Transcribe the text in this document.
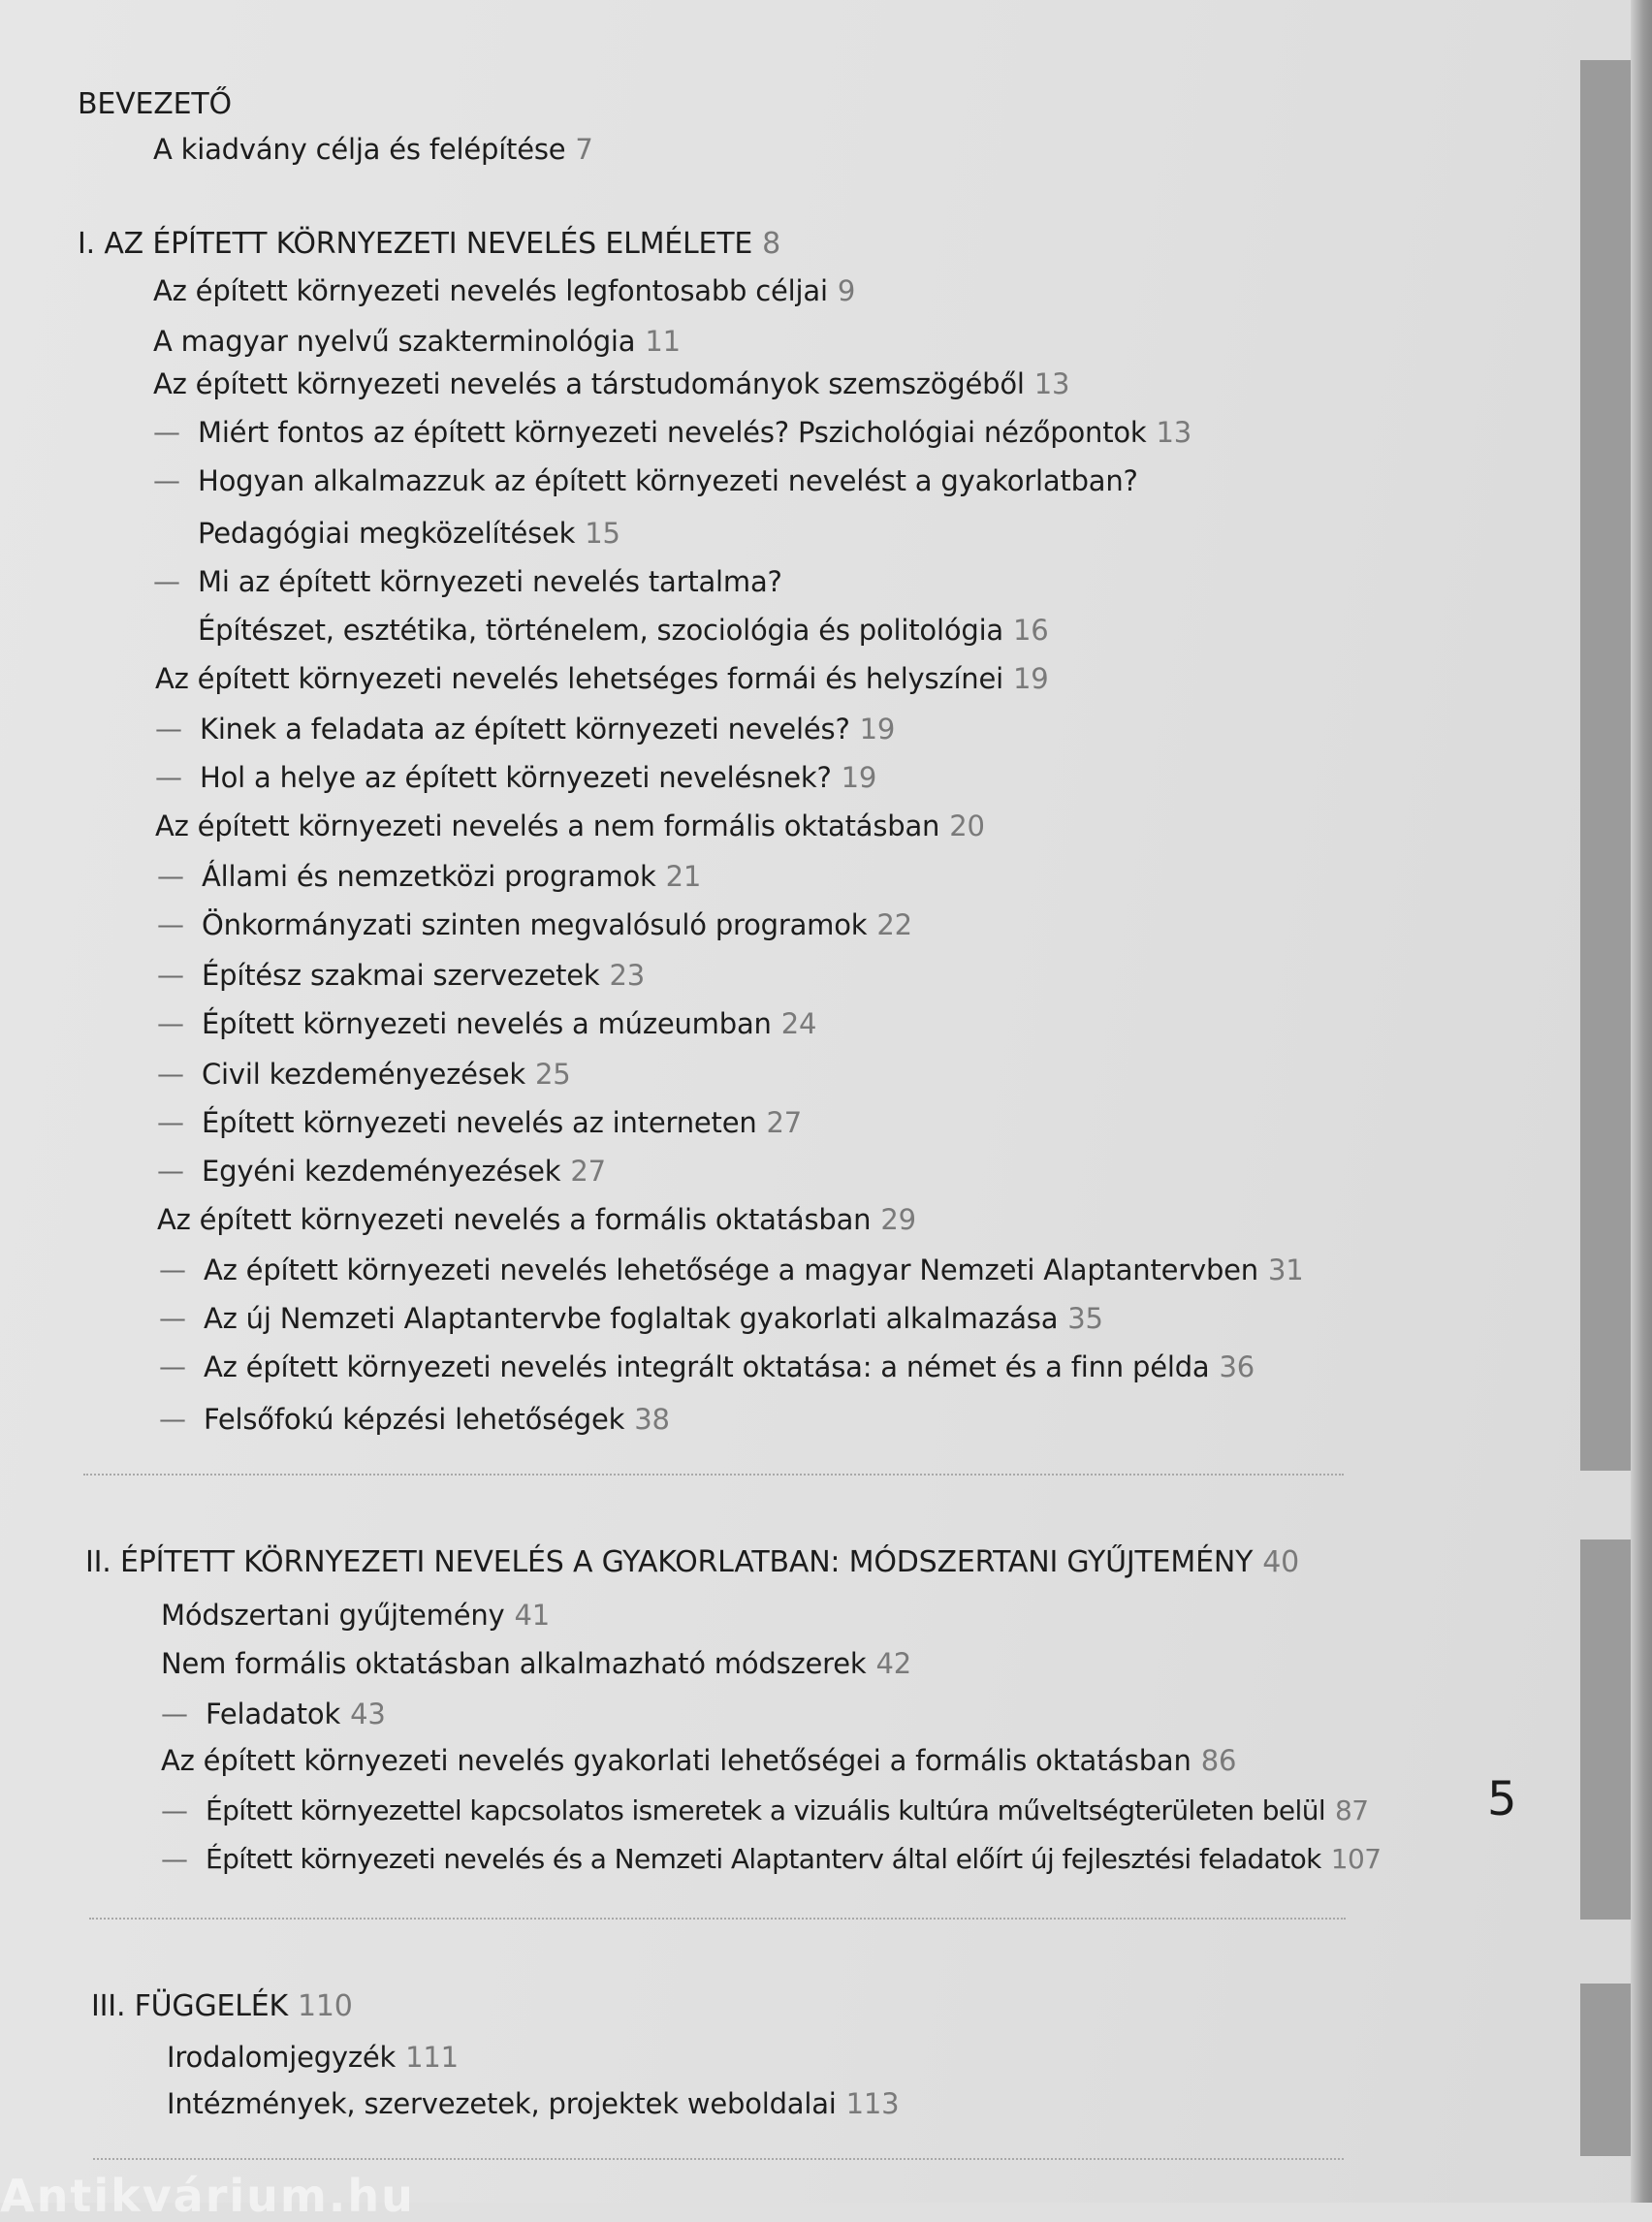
5
BEVEZETŐ
A kiadvány célja és felépítése 7
I. AZ ÉPÍTETT KÖRNYEZETI NEVELÉS ELMÉLETE 8
Az épített környezeti nevelés legfontosabb céljai 9
A magyar nyelvű szakterminológia 11
Az épített környezeti nevelés a társtudományok szemszögéből 13
— Miért fontos az épített környezeti nevelés? Pszichológiai nézőpontok 13
— Hogyan alkalmazzuk az épített környezeti nevelést a gyakorlatban?
Pedagógiai megközelítések 15
— Mi az épített környezeti nevelés tartalma?
Építészet, esztétika, történelem, szociológia és politológia 16
Az épített környezeti nevelés lehetséges formái és helyszínei 19
— Kinek a feladata az épített környezeti nevelés? 19
— Hol a helye az épített környezeti nevelésnek? 19
Az épített környezeti nevelés a nem formális oktatásban 20
— Állami és nemzetközi programok 21
— Önkormányzati szinten megvalósuló programok 22
— Építész szakmai szervezetek 23
— Épített környezeti nevelés a múzeumban 24
— Civil kezdeményezések 25
— Épített környezeti nevelés az interneten 27
— Egyéni kezdeményezések 27
Az épített környezeti nevelés a formális oktatásban 29
— Az épített környezeti nevelés lehetősége a magyar Nemzeti Alaptantervben 31
— Az új Nemzeti Alaptantervbe foglaltak gyakorlati alkalmazása 35
— Az épített környezeti nevelés integrált oktatása: a német és a finn példa 36
— Felsőfokú képzési lehetőségek 38
II. ÉPÍTETT KÖRNYEZETI NEVELÉS A GYAKORLATBAN: MÓDSZERTANI GYŰJTEMÉNY 40
Módszertani gyűjtemény 41
Nem formális oktatásban alkalmazható módszerek 42
— Feladatok 43
Az épített környezeti nevelés gyakorlati lehetőségei a formális oktatásban 86
— Épített környezettel kapcsolatos ismeretek a vizuális kultúra műveltségterületen belül 87
— Épített környezeti nevelés és a Nemzeti Alaptanterv által előírt új fejlesztési feladatok 107
III. FÜGGELÉK 110
Irodalomjegyzék 111
Intézmények, szervezetek, projektek weboldalai 113
Antikvárium.hu
